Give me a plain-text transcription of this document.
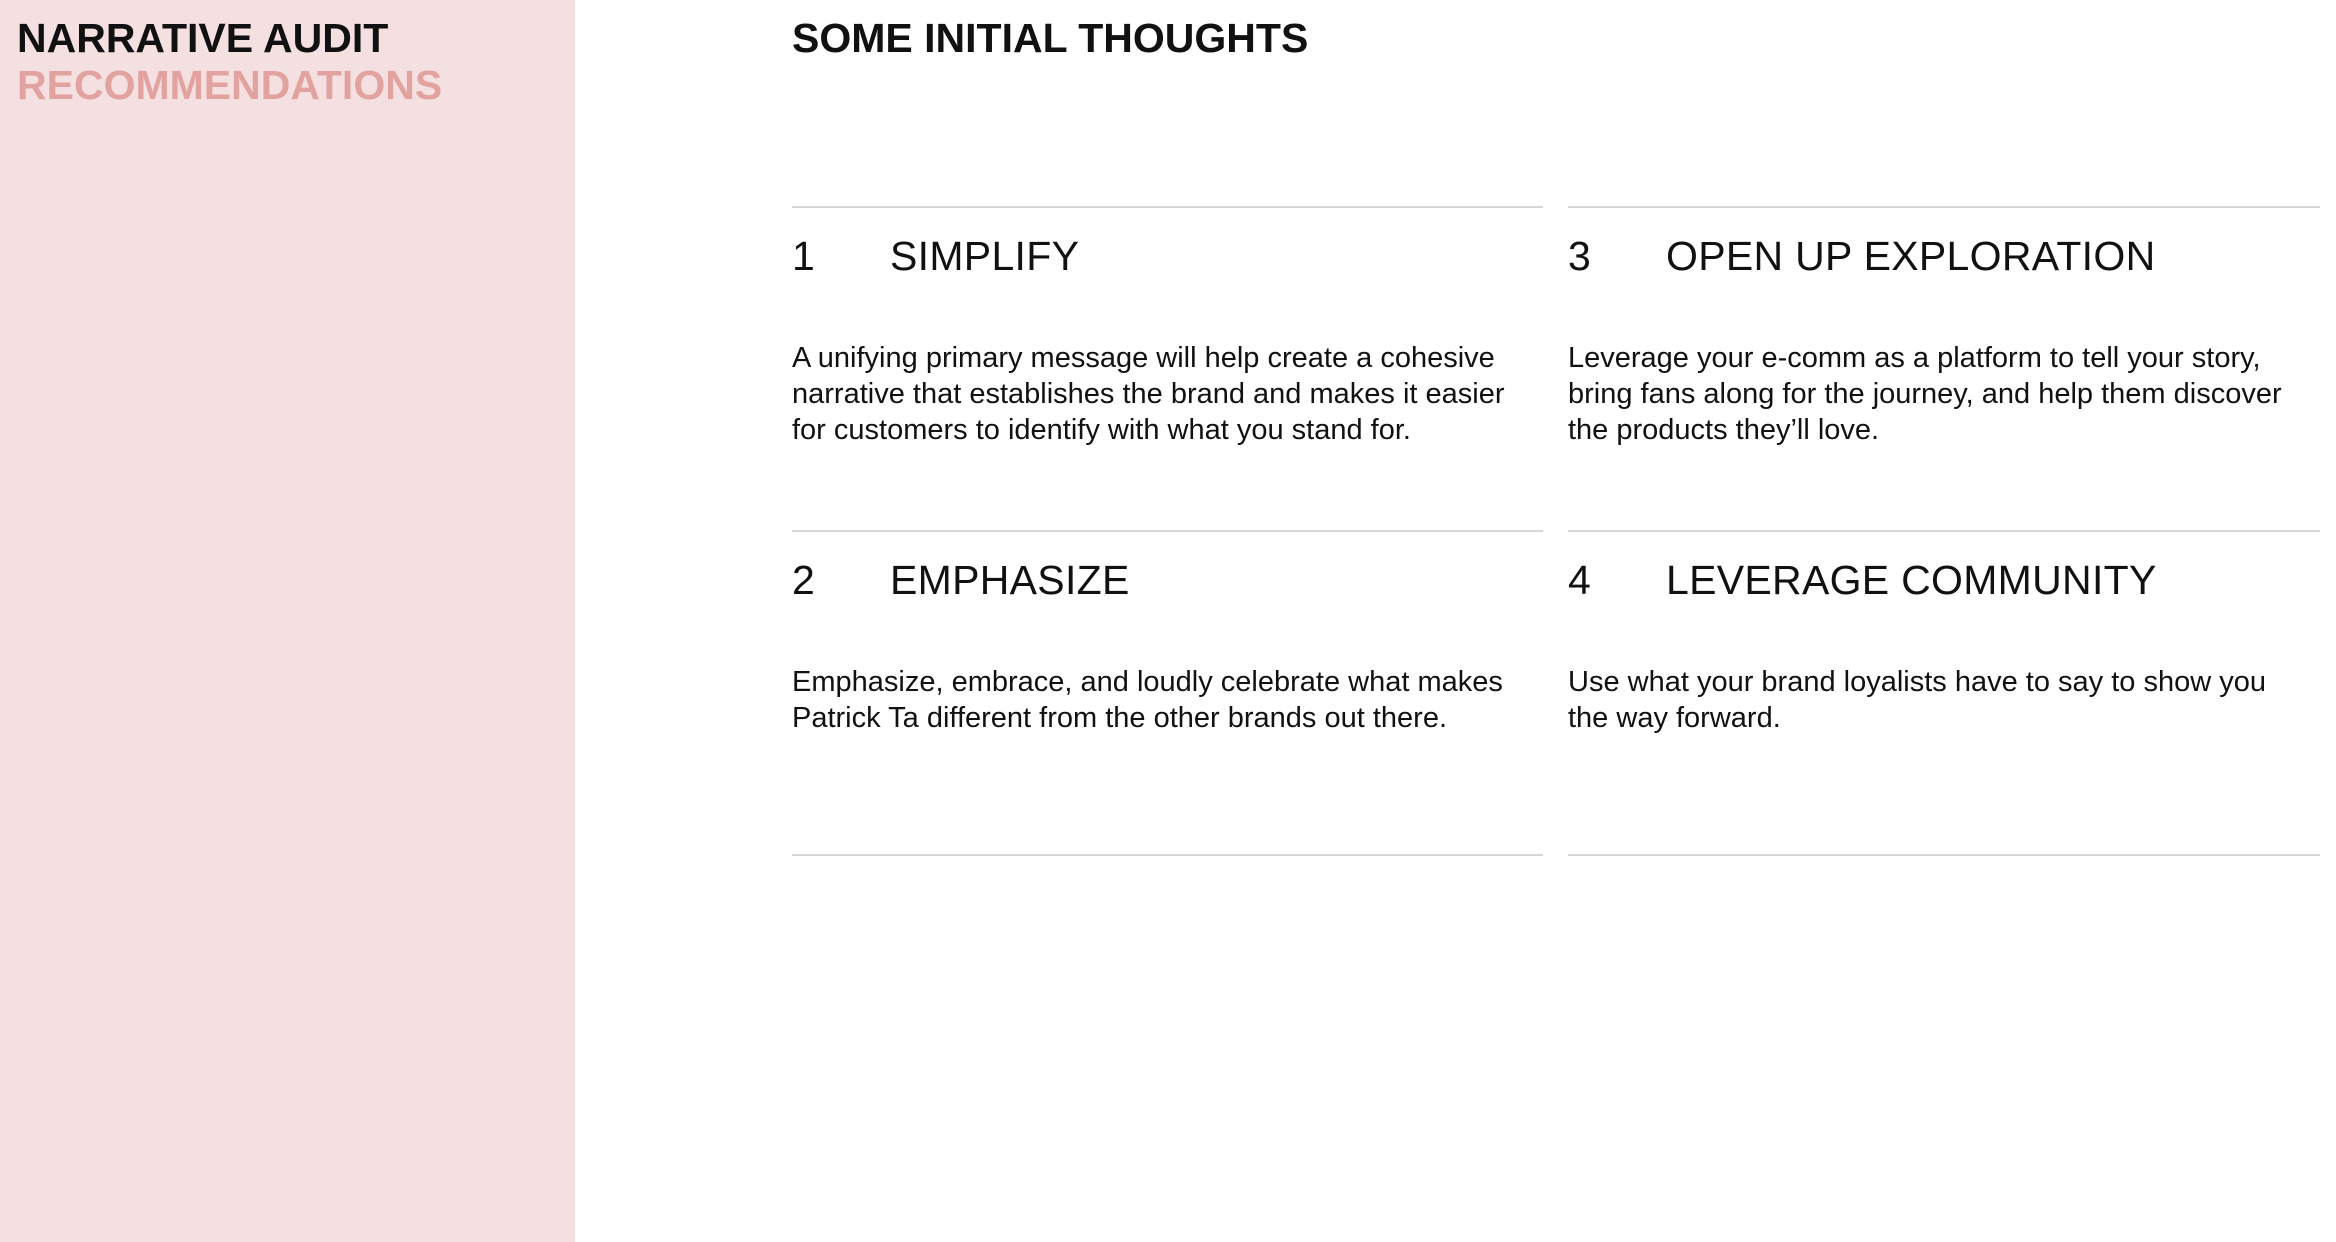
NARRATIVE AUDIT
RECOMMENDATIONS
SOME INITIAL THOUGHTS
1 SIMPLIFY

A unifying primary message will help create a cohesive narrative that establishes the brand and makes it easier for customers to identify with what you stand for.

2 EMPHASIZE

Emphasize, embrace, and loudly celebrate what makes Patrick Ta different from the other brands out there.

3 OPEN UP EXPLORATION

Leverage your e-comm as a platform to tell your story, bring fans along for the journey, and help them discover the products they’ll love.

4 LEVERAGE COMMUNITY

Use what your brand loyalists have to say to show you the way forward.
